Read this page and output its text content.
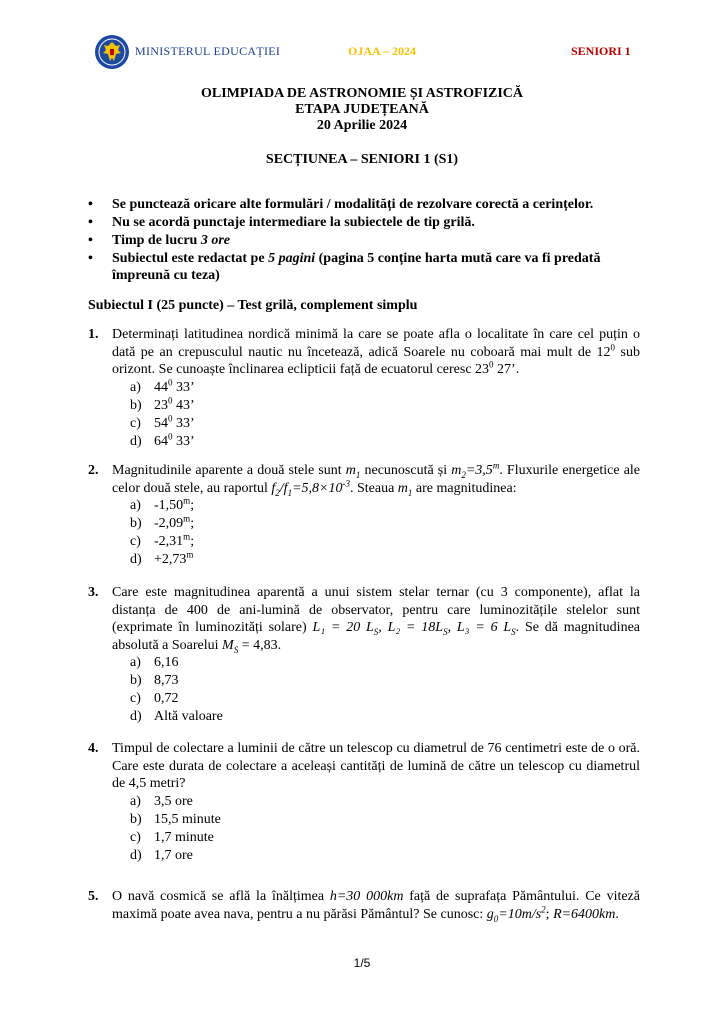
MINISTERUL EDUCAȚIEI	OJAA – 2024	SENIORI 1
OLIMPIADA DE ASTRONOMIE ȘI ASTROFIZICĂ
ETAPA JUDEȚEANĂ
20 Aprilie 2024
SECȚIUNEA – SENIORI 1 (S1)
• Se punctează oricare alte formulări / modalități de rezolvare corectă a cerințelor.
• Nu se acordă punctaje intermediare la subiectele de tip grilă.
• Timp de lucru 3 ore
• Subiectul este redactat pe 5 pagini (pagina 5 conține harta mută care va fi predată împreună cu teza)
Subiectul I (25 puncte) – Test grilă, complement simplu
1. Determinați latitudinea nordică minimă la care se poate afla o localitate în care cel puțin o dată pe an crepusculul nautic nu încetează, adică Soarele nu coboară mai mult de $12^0$ sub orizont. Se cunoaște înclinarea eclipticii față de ecuatorul ceresc $23^0$ 27’.
a) $44^0$ 33’
b) $23^0$ 43’
c) $54^0$ 33’
d) $64^0$ 33’
2. Magnitudinile aparente a două stele sunt $m_1$ necunoscută și $m_2=3,5^m$. Fluxurile energetice ale celor două stele, au raportul $f_2/f_1=5,8\times 10^{-3}$. Steaua $m_1$ are magnitudinea:
a) -1,50$^m$;
b) -2,09$^m$;
c) -2,31$^m$;
$d) +2,73^m$
3. Care este magnitudinea aparentă a unui sistem stelar ternar (cu 3 componente), aflat la distanța de 400 de ani-lumină de observator, pentru care luminozitățile stelelor sunt (exprimate în luminozități solare) L₁ = 20 $L_S$, $L_2 = 18L_S$, L₃ = 6 $L_S$. Se dă magnitudinea absolută a Soarelui $M_S = 4,83$.
a) 6,16
b) 8,73
c) 0,72
d) Altă valoare
4. Timpul de colectare a luminii de către un telescop cu diametrul de 76 centimetri este de o oră. Care este durata de colectare a aceleași cantități de lumină de către un telescop cu diametrul de 4,5 metri?
a) 3,5 ore
b) 15,5 minute
c) 1,7 minute
d) 1,7 ore
5. O navă cosmică se află la înălțimea h=30 000km față de suprafața Pământului. Ce viteză maximă poate avea nava, pentru a nu părăsi Pământul? Se cunosc: $g_0=10m/s^2$; R=6400km.
1/5
